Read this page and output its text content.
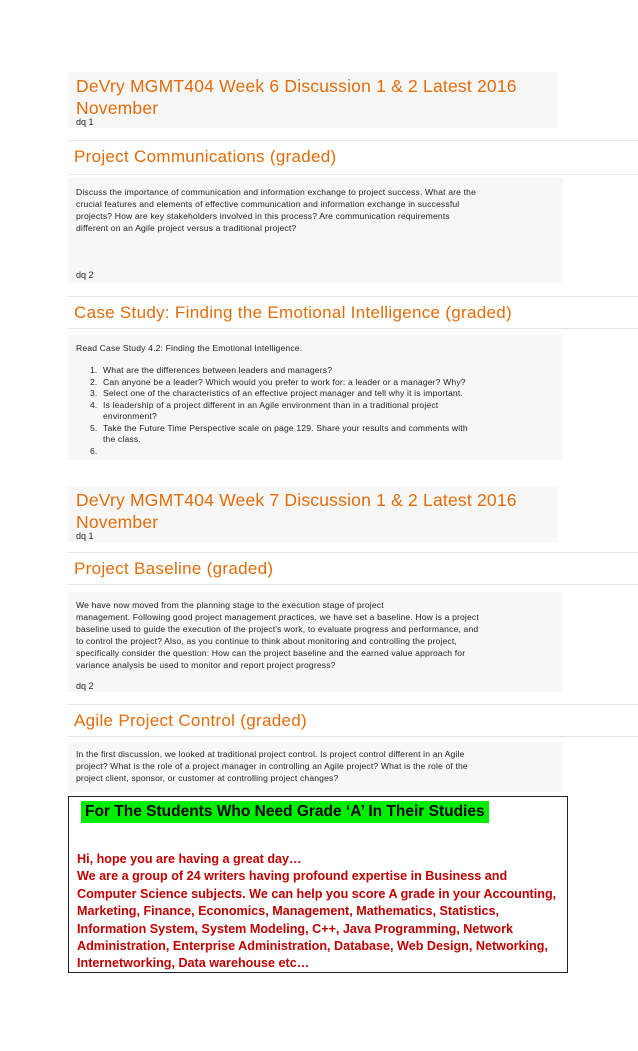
DeVry MGMT404 Week 6 Discussion 1 & 2 Latest 2016
November
dq 1
Project Communications (graded)
Discuss the importance of communication and information exchange to project success. What are the
crucial features and elements of effective communication and information exchange in successful
projects? How are key stakeholders involved in this process? Are communication requirements
different on an Agile project versus a traditional project?
dq 2
Case Study: Finding the Emotional Intelligence (graded)
Read Case Study 4.2: Finding the Emotional Intelligence.
1. What are the differences between leaders and managers?
2. Can anyone be a leader? Which would you prefer to work for: a leader or a manager? Why?
3. Select one of the characteristics of an effective project manager and tell why it is important.
4. Is leadership of a project different in an Agile environment than in a traditional project
environment?
5. Take the Future Time Perspective scale on page 129. Share your results and comments with
the class.
6.
DeVry MGMT404 Week 7 Discussion 1 & 2 Latest 2016
November
dq 1
Project Baseline (graded)
We have now moved from the planning stage to the execution stage of project
management. Following good project management practices, we have set a baseline. How is a project
baseline used to guide the execution of the project's work, to evaluate progress and performance, and
to control the project? Also, as you continue to think about monitoring and controlling the project,
specifically consider the question: How can the project baseline and the earned value approach for
variance analysis be used to monitor and report project progress?
dq 2
Agile Project Control (graded)
In the first discussion, we looked at traditional project control. Is project control different in an Agile
project? What is the role of a project manager in controlling an Agile project? What is the role of the
project client, sponsor, or customer at controlling project changes?
For The Students Who Need Grade ‘A’ In Their Studies
Hi, hope you are having a great day…
We are a group of 24 writers having profound expertise in Business and
Computer Science subjects. We can help you score A grade in your Accounting,
Marketing, Finance, Economics, Management, Mathematics, Statistics,
Information System, System Modeling, C++, Java Programming, Network
Administration, Enterprise Administration, Database, Web Design, Networking,
Internetworking, Data warehouse etc…
